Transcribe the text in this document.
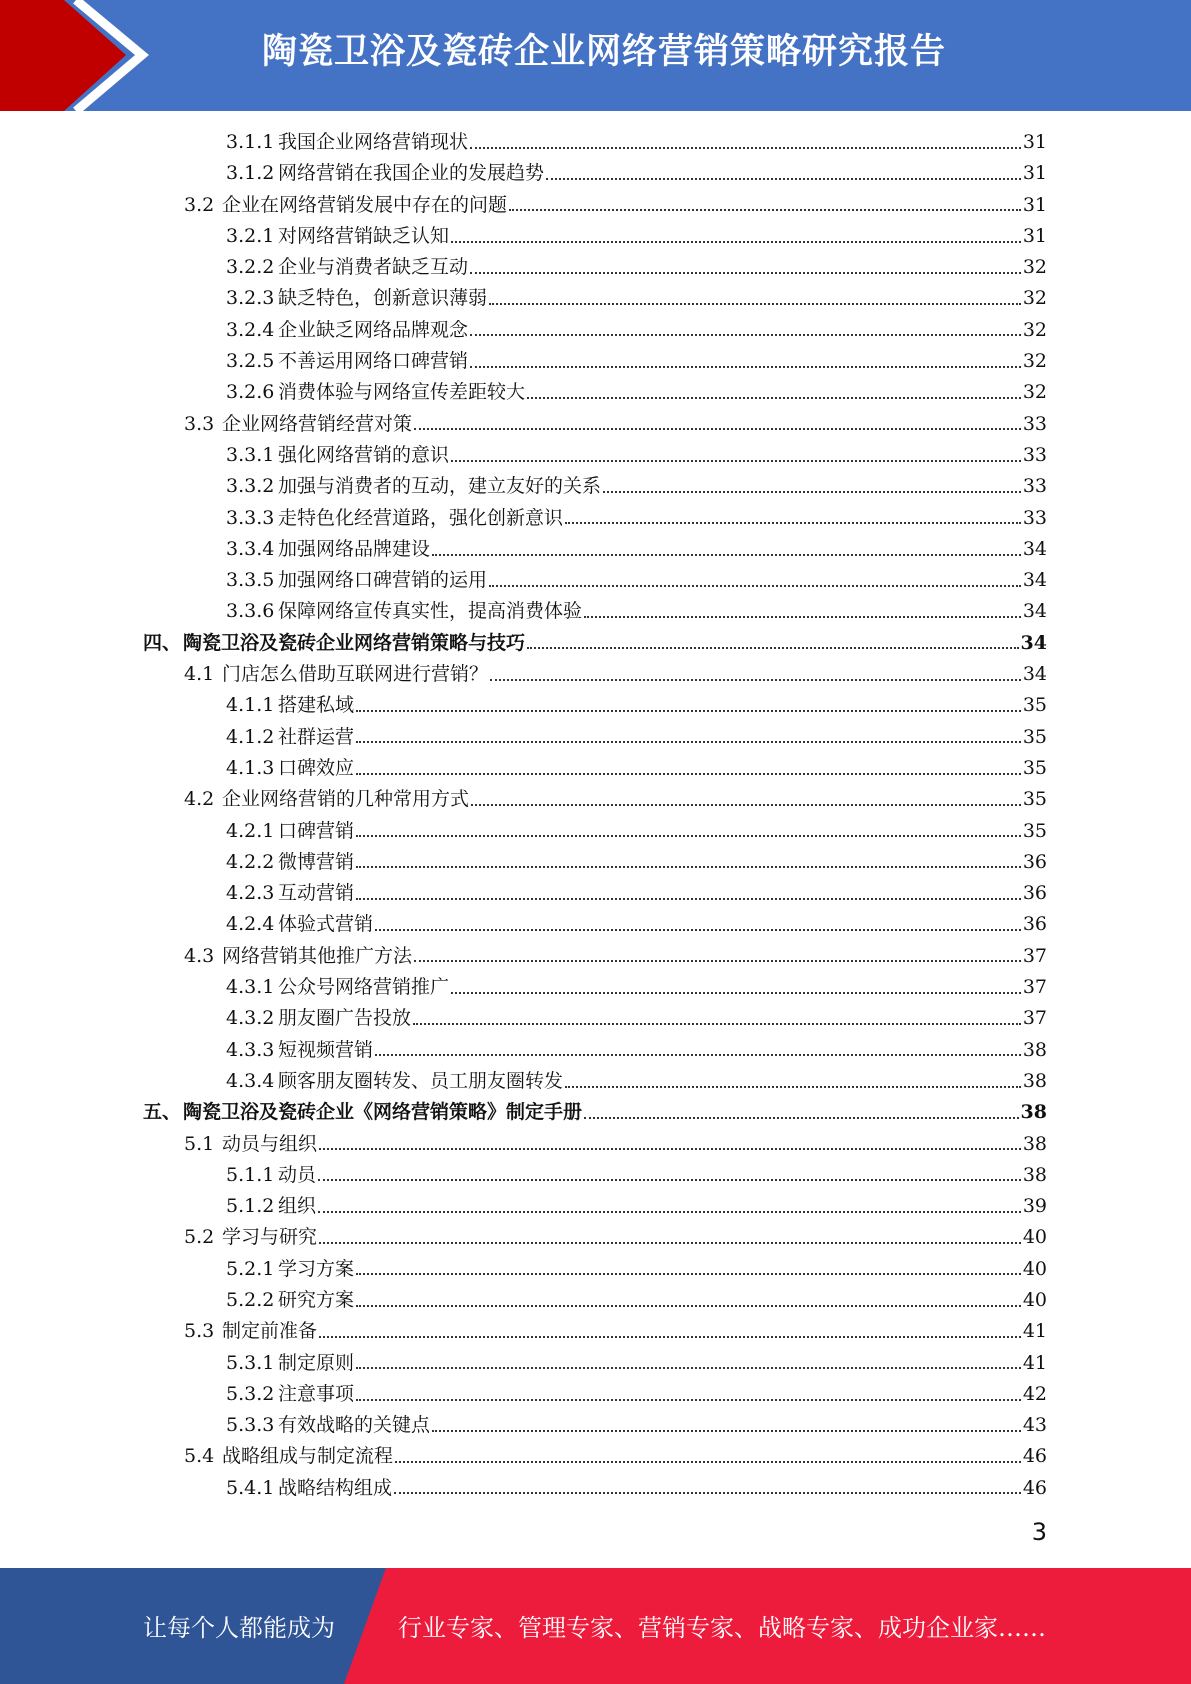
陶瓷卫浴及瓷砖企业网络营销策略研究报告
3.1.1 我国企业网络营销现状	31
3.1.2 网络营销在我国企业的发展趋势	31
3.2 企业在网络营销发展中存在的问题	31
3.2.1 对网络营销缺乏认知	31
3.2.2 企业与消费者缺乏互动	32
3.2.3 缺乏特色，创新意识薄弱	32
3.2.4 企业缺乏网络品牌观念	32
3.2.5 不善运用网络口碑营销	32
3.2.6 消费体验与网络宣传差距较大	32
3.3 企业网络营销经营对策	33
3.3.1 强化网络营销的意识	33
3.3.2 加强与消费者的互动，建立友好的关系	33
3.3.3 走特色化经营道路，强化创新意识	33
3.3.4 加强网络品牌建设	34
3.3.5 加强网络口碑营销的运用	34
3.3.6 保障网络宣传真实性，提高消费体验	34
四、 陶瓷卫浴及瓷砖企业网络营销策略与技巧	34
4.1 门店怎么借助互联网进行营销？	34
4.1.1 搭建私域	35
4.1.2 社群运营	35
4.1.3 口碑效应	35
4.2 企业网络营销的几种常用方式	35
4.2.1 口碑营销	35
4.2.2 微博营销	36
4.2.3 互动营销	36
4.2.4 体验式营销	36
4.3 网络营销其他推广方法	37
4.3.1 公众号网络营销推广	37
4.3.2 朋友圈广告投放	37
4.3.3 短视频营销	38
4.3.4 顾客朋友圈转发、员工朋友圈转发	38
五、 陶瓷卫浴及瓷砖企业《网络营销策略》制定手册	38
5.1 动员与组织	38
5.1.1 动员	38
5.1.2 组织	39
5.2 学习与研究	40
5.2.1 学习方案	40
5.2.2 研究方案	40
5.3 制定前准备	41
5.3.1 制定原则	41
5.3.2 注意事项	42
5.3.3 有效战略的关键点	43
5.4 战略组成与制定流程	46
5.4.1 战略结构组成	46
3
让每个人都能成为	行业专家、管理专家、营销专家、战略专家、成功企业家……
